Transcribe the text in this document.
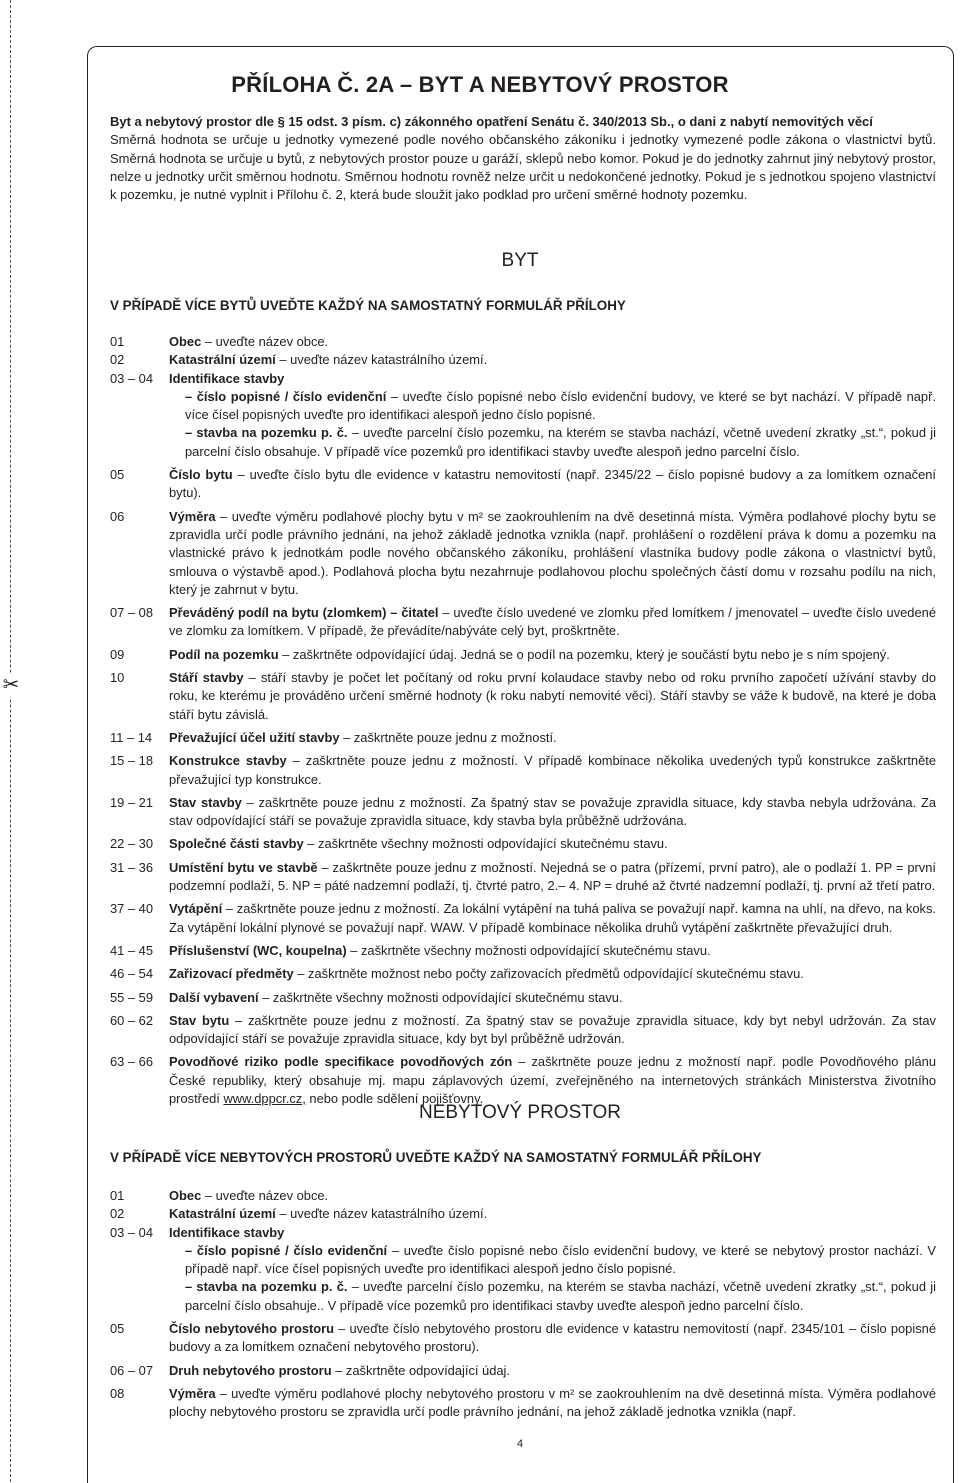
✂
PŘÍLOHA Č. 2A – BYT A NEBYTOVÝ PROSTOR

Byt a nebytový prostor dle § 15 odst. 3 písm. c) zákonného opatření Senátu č. 340/2013 Sb., o dani z nabytí nemovitých věcí
Směrná hodnota se určuje u jednotky vymezené podle nového občanského zákoníku i jednotky vymezené podle zákona o vlastnictví bytů. Směrná hodnota se určuje u bytů, z nebytových prostor pouze u garáží, sklepů nebo komor. Pokud je do jednotky zahrnut jiný nebytový prostor, nelze u jednotky určit směrnou hodnotu. Směrnou hodnotu rovněž nelze určit u nedokončené jednotky. Pokud je s jednotkou spojeno vlastnictví k pozemku, je nutné vyplnit i Přílohu č. 2, která bude sloužit jako podklad pro určení směrné hodnoty pozemku.

BYT

V PŘÍPADĚ VÍCE BYTŮ UVEĎTE KAŽDÝ NA SAMOSTATNÝ FORMULÁŘ PŘÍLOHY

01	Obec – uveďte název obce.
02	Katastrální území – uveďte název katastrálního území.
03 – 04	Identifikace stavby
– číslo popisné / číslo evidenční – uveďte číslo popisné nebo číslo evidenční budovy, ve které se byt nachází. V případě např. více čísel popisných uveďte pro identifikaci alespoň jedno číslo popisné.
– stavba na pozemku p. č. – uveďte parcelní číslo pozemku, na kterém se stavba nachází, včetně uvedení zkratky „st.“, pokud ji parcelní číslo obsahuje. V případě více pozemků pro identifikaci stavby uveďte alespoň jedno parcelní číslo.
05	Číslo bytu – uveďte číslo bytu dle evidence v katastru nemovitostí (např. 2345/22 – číslo popisné budovy a za lomítkem označení bytu).
06	Výměra – uveďte výměru podlahové plochy bytu v m² se zaokrouhlením na dvě desetinná místa. Výměra podlahové plochy bytu se zpravidla určí podle právního jednání, na jehož základě jednotka vznikla (např. prohlášení o rozdělení práva k domu a pozemku na vlastnické právo k jednotkám podle nového občanského zákoníku, prohlášení vlastníka budovy podle zákona o vlastnictví bytů, smlouva o výstavbě apod.). Podlahová plocha bytu nezahrnuje podlahovou plochu společných částí domu v rozsahu podílu na nich, který je zahrnut v bytu.
07 – 08	Převáděný podíl na bytu (zlomkem) – čitatel – uveďte číslo uvedené ve zlomku před lomítkem / jmenovatel – uveďte číslo uvedené ve zlomku za lomítkem. V případě, že převádíte/nabýváte celý byt, proškrtněte.
09	Podíl na pozemku – zaškrtněte odpovídající údaj. Jedná se o podíl na pozemku, který je součástí bytu nebo je s ním spojený.
10	Stáří stavby – stáří stavby je počet let počítaný od roku první kolaudace stavby nebo od roku prvního započetí užívání stavby do roku, ke kterému je prováděno určení směrné hodnoty (k roku nabytí nemovité věci). Stáří stavby se váže k budově, na které je doba stáří bytu závislá.
11 – 14	Převažující účel užití stavby – zaškrtněte pouze jednu z možností.
15 – 18	Konstrukce stavby – zaškrtněte pouze jednu z možností. V případě kombinace několika uvedených typů konstrukce zaškrtněte převažující typ konstrukce.
19 – 21	Stav stavby – zaškrtněte pouze jednu z možností. Za špatný stav se považuje zpravidla situace, kdy stavba nebyla udržována. Za stav odpovídající stáří se považuje zpravidla situace, kdy stavba byla průběžně udržována.
22 – 30	Společné části stavby – zaškrtněte všechny možnosti odpovídající skutečnému stavu.
31 – 36	Umístění bytu ve stavbě – zaškrtněte pouze jednu z možností. Nejedná se o patra (přízemí, první patro), ale o podlaží 1. PP = první podzemní podlaží, 5. NP = páté nadzemní podlaží, tj. čtvrté patro, 2.– 4. NP = druhé až čtvrté nadzemní podlaží, tj. první až třetí patro.
37 – 40	Vytápění – zaškrtněte pouze jednu z možností. Za lokální vytápění na tuhá paliva se považují např. kamna na uhlí, na dřevo, na koks. Za vytápění lokální plynové se považují např. WAW. V případě kombinace několika druhů vytápění zaškrtněte převažující druh.
41 – 45	Příslušenství (WC, koupelna) – zaškrtněte všechny možnosti odpovídající skutečnému stavu.
46 – 54	Zařizovací předměty – zaškrtněte možnost nebo počty zařizovacích předmětů odpovídající skutečnému stavu.
55 – 59	Další vybavení – zaškrtněte všechny možnosti odpovídající skutečnému stavu.
60 – 62	Stav bytu – zaškrtněte pouze jednu z možností. Za špatný stav se považuje zpravidla situace, kdy byt nebyl udržován. Za stav odpovídající stáří se považuje zpravidla situace, kdy byt byl průběžně udržován.
63 – 66	Povodňové riziko podle specifikace povodňových zón – zaškrtněte pouze jednu z možností např. podle Povodňového plánu České republiky, který obsahuje mj. mapu záplavových území, zveřejněného na internetových stránkách Ministerstva životního prostředí www.dppcr.cz, nebo podle sdělení pojišťovny.
NEBYTOVÝ PROSTOR

V PŘÍPADĚ VÍCE NEBYTOVÝCH PROSTORŮ UVEĎTE KAŽDÝ NA SAMOSTATNÝ FORMULÁŘ PŘÍLOHY

01	Obec – uveďte název obce.
02	Katastrální území – uveďte název katastrálního území.
03 – 04	Identifikace stavby
– číslo popisné / číslo evidenční – uveďte číslo popisné nebo číslo evidenční budovy, ve které se nebytový prostor nachází. V případě např. více čísel popisných uveďte pro identifikaci alespoň jedno číslo popisné.
– stavba na pozemku p. č. – uveďte parcelní číslo pozemku, na kterém se stavba nachází, včetně uvedení zkratky „st.“, pokud ji parcelní číslo obsahuje.. V případě více pozemků pro identifikaci stavby uveďte alespoň jedno parcelní číslo.
05	Číslo nebytového prostoru – uveďte číslo nebytového prostoru dle evidence v katastru nemovitostí (např. 2345/101 – číslo popisné budovy a za lomítkem označení nebytového prostoru).
06 – 07	Druh nebytového prostoru – zaškrtněte odpovídající údaj.
08	Výměra – uveďte výměru podlahové plochy nebytového prostoru v m² se zaokrouhlením na dvě desetinná místa. Výměra podlahové plochy nebytového prostoru se zpravidla určí podle právního jednání, na jehož základě jednotka vznikla (např.
4
